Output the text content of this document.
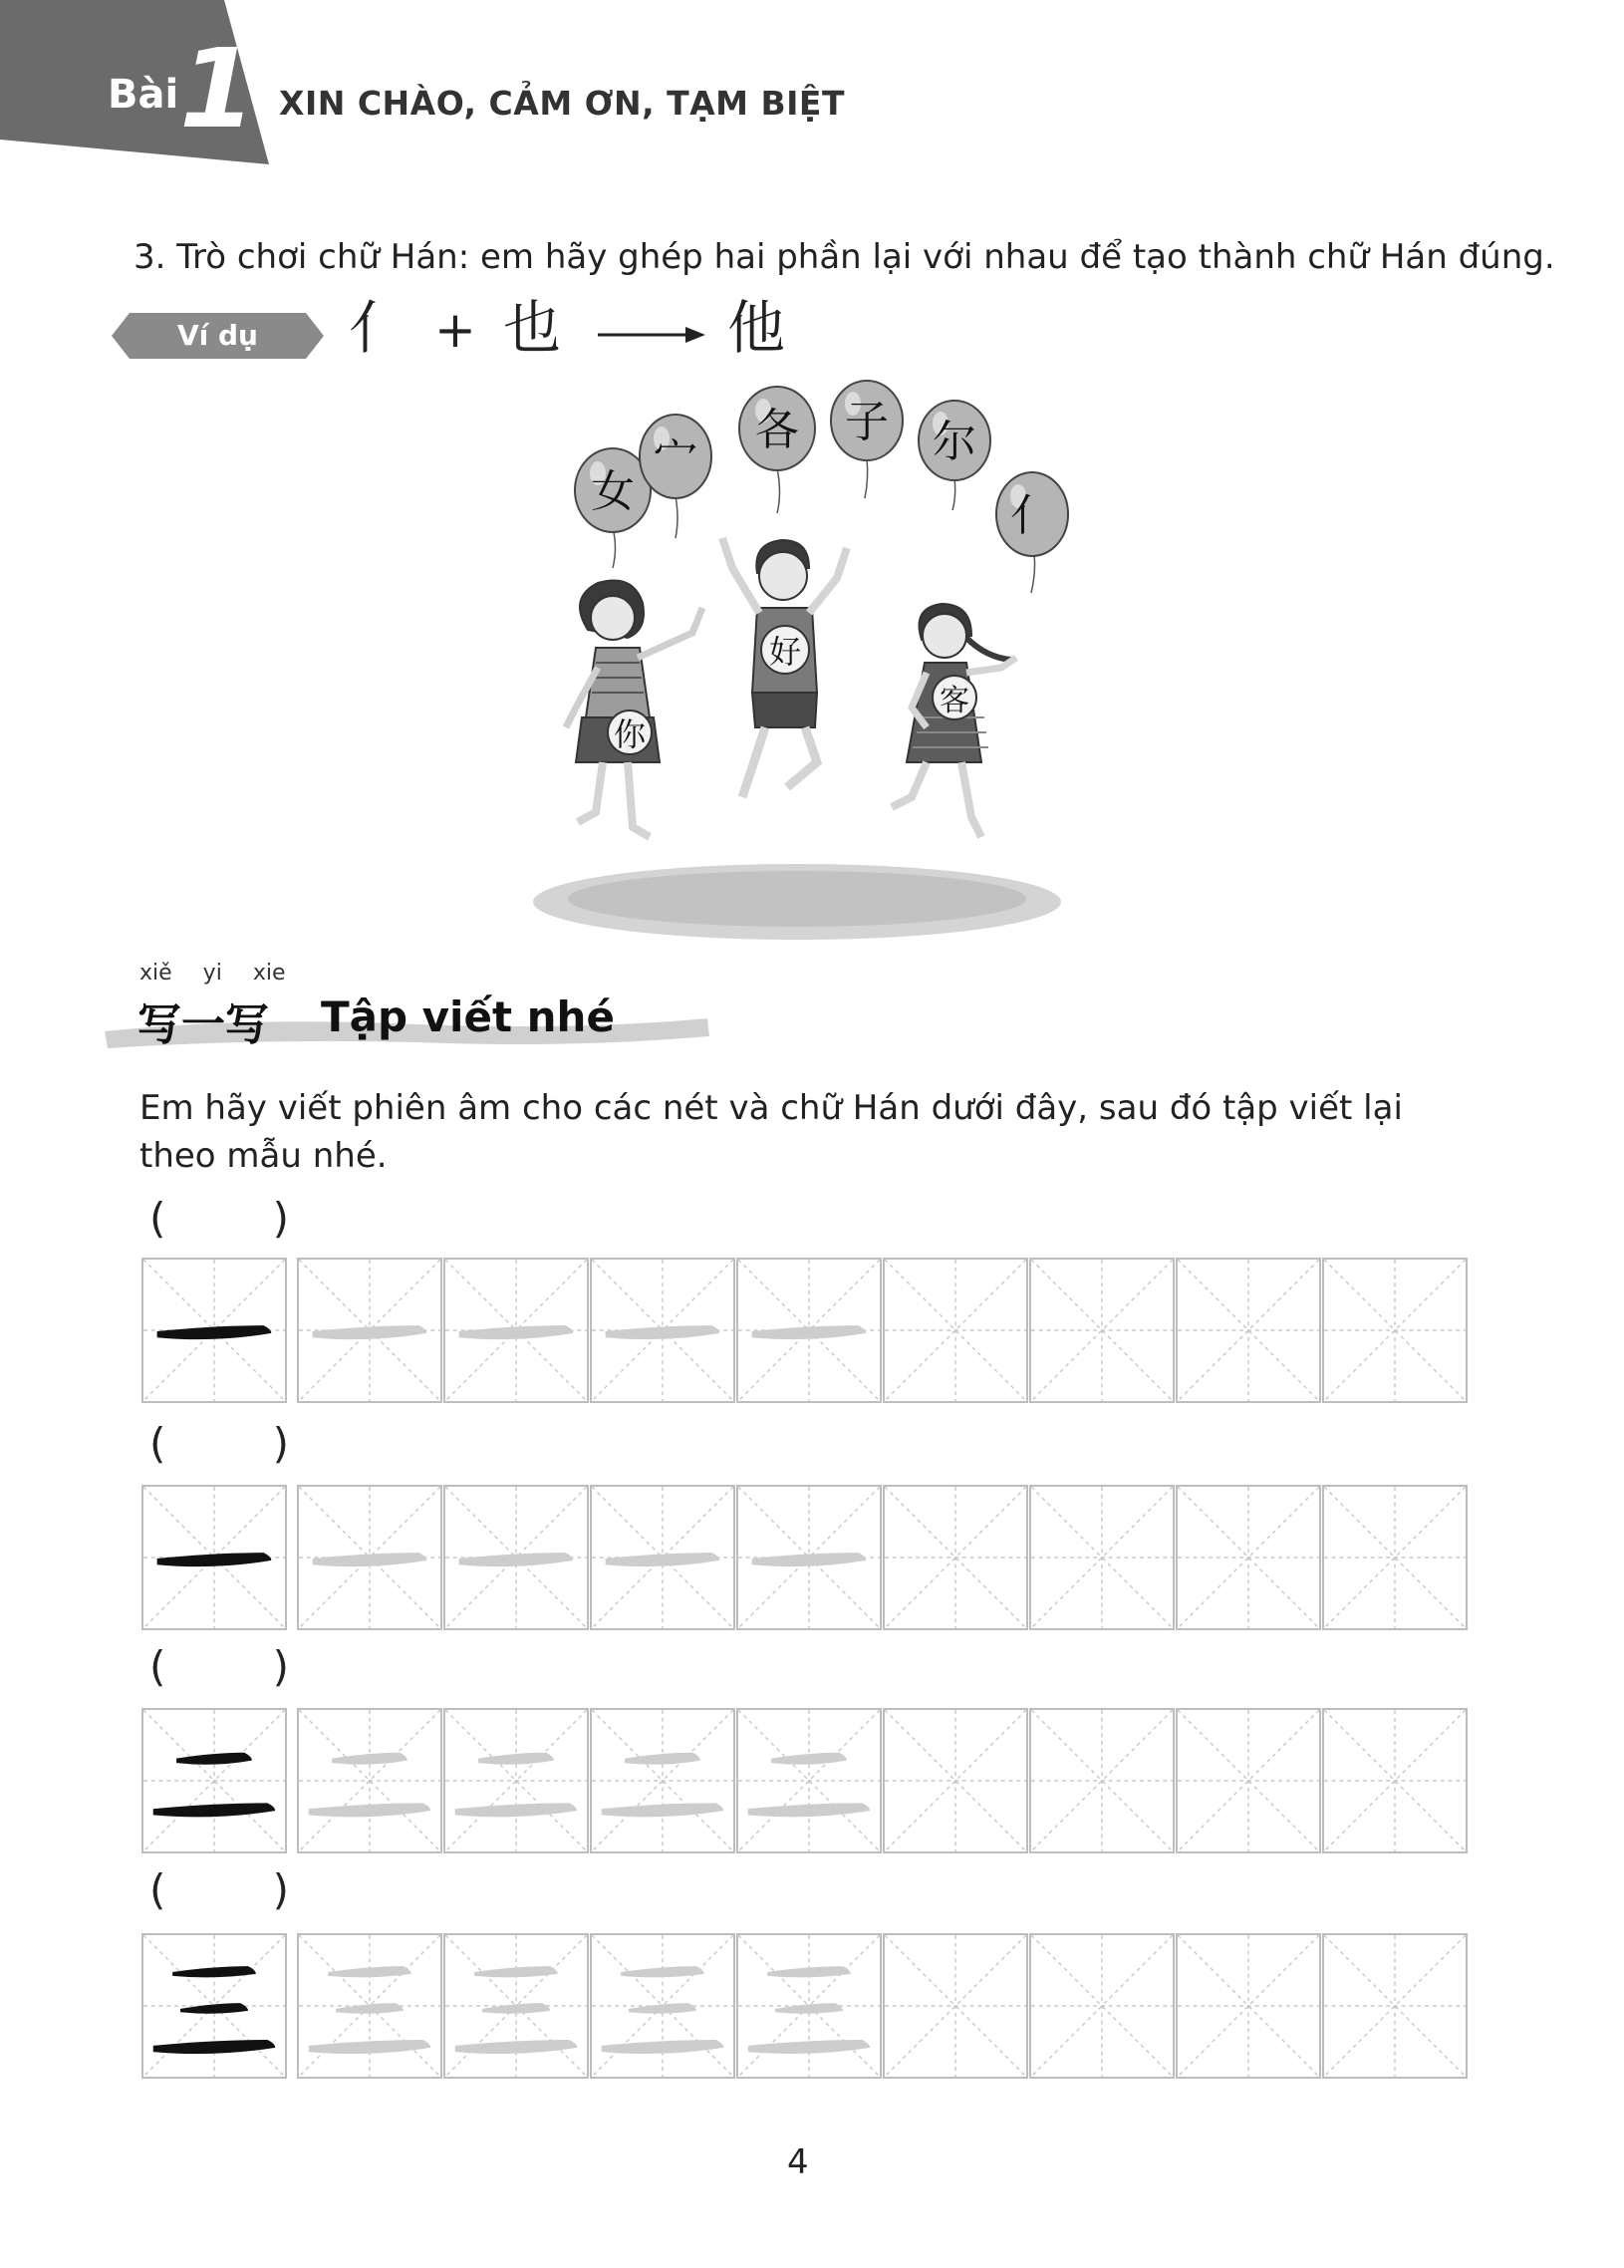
Bài 1 XIN CHÀO, CẢM ƠN, TẠM BIỆT
3. Trò chơi chữ Hán: em hãy ghép hai phần lại với nhau để tạo thành chữ Hán đúng.
Ví dụ	亻 + 也	他
女
宀
各 子 尔
亻
你
好
客
xiě yi xie
写一写 Tập viết nhé
Em hãy viết phiên âm cho các nét và chữ Hán dưới đây, sau đó tập viết lại theo mẫu nhé.
(	)
(	)
(	)
(	)
4
